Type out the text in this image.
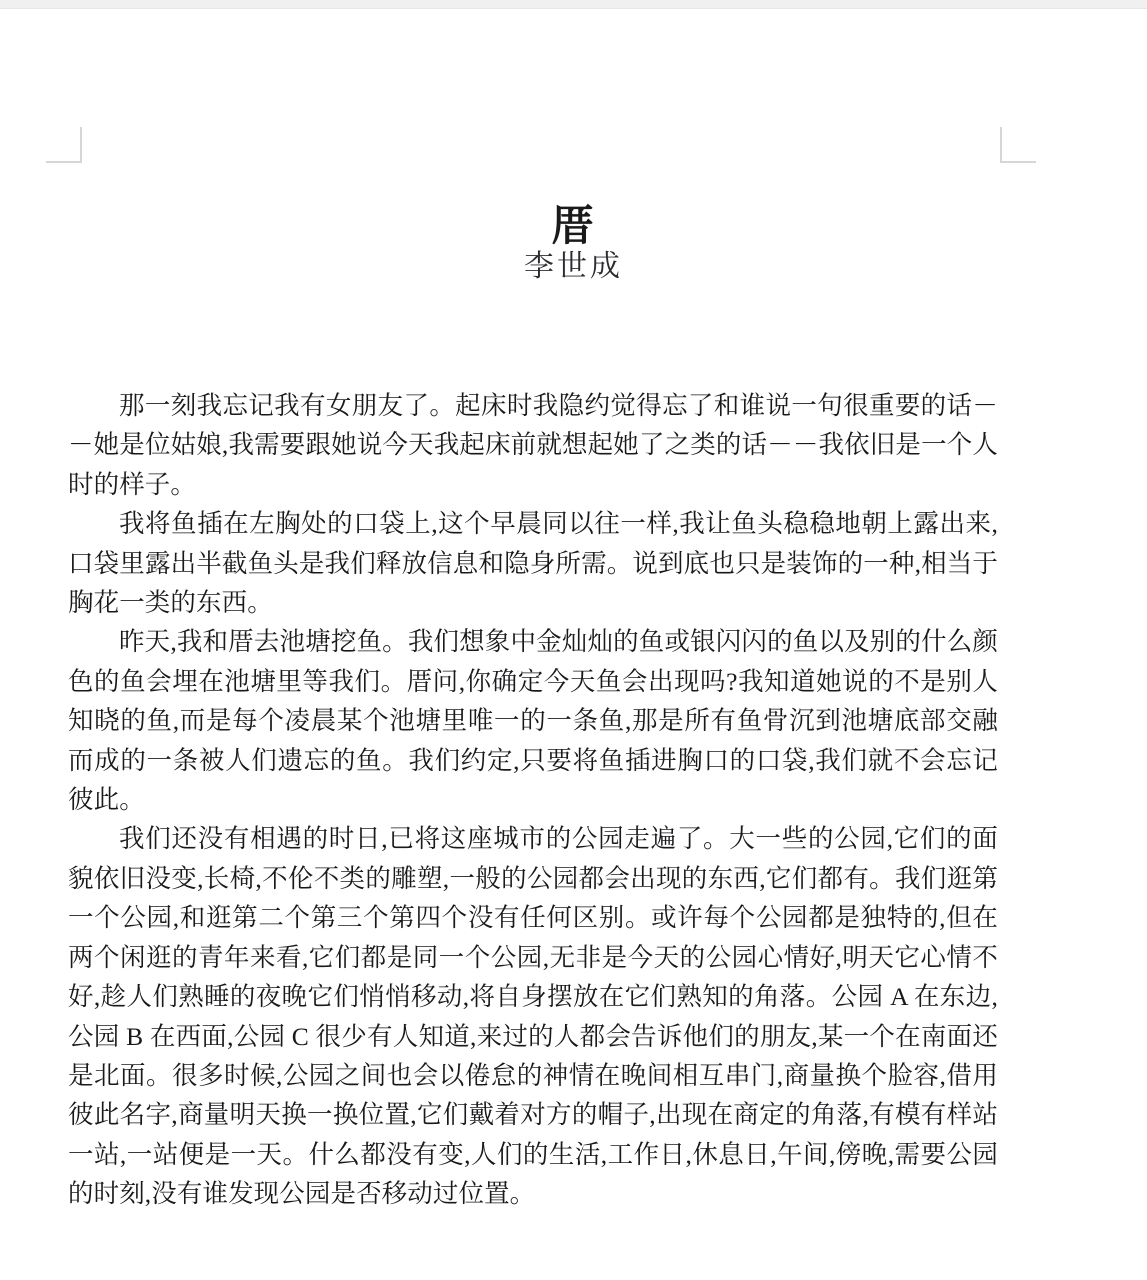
厝
李世成

那一刻我忘记我有女朋友了。起床时我隐约觉得忘了和谁说一句很重要的话－－她是位姑娘,我需要跟她说今天我起床前就想起她了之类的话－－我依旧是一个人时的样子。

我将鱼插在左胸处的口袋上,这个早晨同以往一样,我让鱼头稳稳地朝上露出来,口袋里露出半截鱼头是我们释放信息和隐身所需。说到底也只是装饰的一种,相当于胸花一类的东西。

昨天,我和厝去池塘挖鱼。我们想象中金灿灿的鱼或银闪闪的鱼以及别的什么颜色的鱼会埋在池塘里等我们。厝问,你确定今天鱼会出现吗?我知道她说的不是别人知晓的鱼,而是每个凌晨某个池塘里唯一的一条鱼,那是所有鱼骨沉到池塘底部交融而成的一条被人们遗忘的鱼。我们约定,只要将鱼插进胸口的口袋,我们就不会忘记彼此。

我们还没有相遇的时日,已将这座城市的公园走遍了。大一些的公园,它们的面貌依旧没变,长椅,不伦不类的雕塑,一般的公园都会出现的东西,它们都有。我们逛第一个公园,和逛第二个第三个第四个没有任何区别。或许每个公园都是独特的,但在两个闲逛的青年来看,它们都是同一个公园,无非是今天的公园心情好,明天它心情不好,趁人们熟睡的夜晚它们悄悄移动,将自身摆放在它们熟知的角落。公园 A 在东边,公园 B 在西面,公园 C 很少有人知道,来过的人都会告诉他们的朋友,某一个在南面还是北面。很多时候,公园之间也会以倦怠的神情在晚间相互串门,商量换个脸容,借用彼此名字,商量明天换一换位置,它们戴着对方的帽子,出现在商定的角落,有模有样站一站,一站便是一天。什么都没有变,人们的生活,工作日,休息日,午间,傍晚,需要公园的时刻,没有谁发现公园是否移动过位置。
